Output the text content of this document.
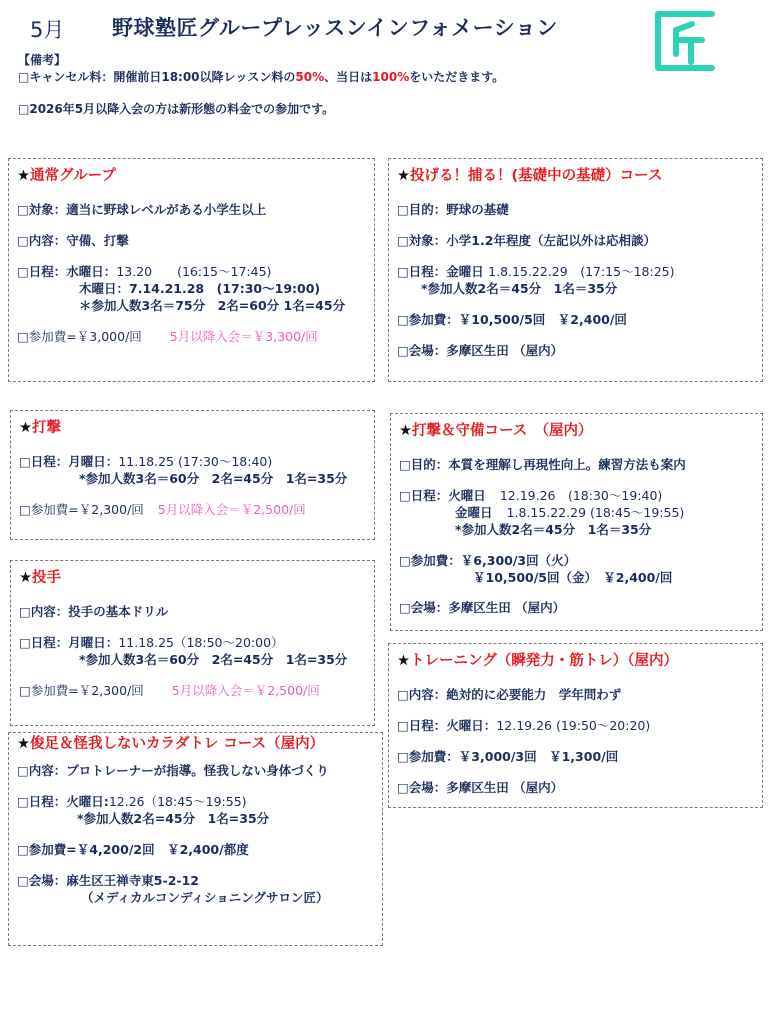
5月 野球塾匠グループレッスンインフォメーション
【備考】
□キャンセル料：開催前日18:00以降レッスン料の50%、当日は100%をいただきます。
□2026年5月以降入会の方は新形態の料金での参加です。
★通常グループ
□対象：適当に野球レベルがある小学生以上
□内容：守備、打撃
□日程：水曜日：13.20　　(16:15〜17:45)
木曜日：7.14.21.28　(17:30〜19:00)
＊参加人数3名＝75分　2名=60分 1名=45分
□参加費=￥3,000/回 5月以降入会＝￥3,300/回
★投げる！捕る！(基礎中の基礎）コース
□目的：野球の基礎
□対象：小学1.2年程度（左記以外は応相談）
□日程：金曜日 1.8.15.22.29　(17:15〜18:25)
*参加人数2名＝45分　1名＝35分
□参加費：￥10,500/5回　￥2,400/回
□会場：多摩区生田 （屋内）
★打撃
□日程：月曜日：11.18.25 (17:30〜18:40)
*参加人数3名＝60分　2名=45分　1名=35分
□参加費=￥2,300/回 5月以降入会＝￥2,500/回
★打撃＆守備コース　（屋内）
□目的：本質を理解し再現性向上。練習方法も案内
□日程：火曜日 12.19.26　(18:30〜19:40)
金曜日 1.8.15.22.29 (18:45〜19:55)
*参加人数2名＝45分　1名＝35分
□参加費：￥6,300/3回（火）
￥10,500/5回（金）　￥2,400/回
□会場：多摩区生田 （屋内）
★投手
□内容：投手の基本ドリル
□日程：月曜日：11.18.25（18:50〜20:00）
*参加人数3名＝60分　2名=45分　1名=35分
□参加費=￥2,300/回 5月以降入会＝￥2,500/回
★トレーニング（瞬発力・筋トレ）（屋内）
□内容：絶対的に必要能力　学年問わず
□日程：火曜日：12.19.26 (19:50〜20:20)
□参加費：￥3,000/3回　￥1,300/回
□会場：多摩区生田 （屋内）
★俊足＆怪我しないカラダトレ コース（屋内）
□内容：プロトレーナーが指導。怪我しない身体づくり
□日程：火曜日:12.26（18:45〜19:55)
*参加人数2名=45分　1名=35分
□参加費=￥4,200/2回　￥2,400/都度
□会場：麻生区王禅寺東5-2-12
（メディカルコンディショニングサロン匠）
